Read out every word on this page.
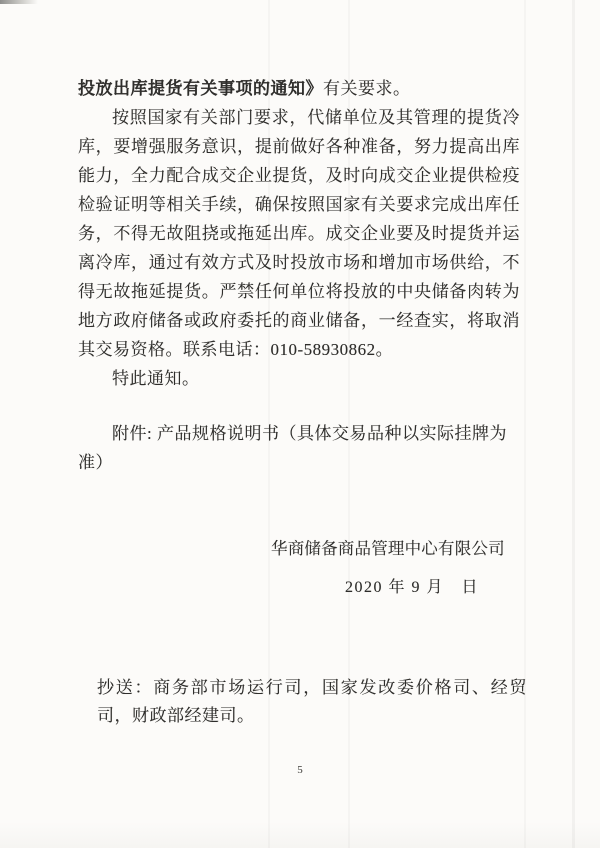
投放出库提货有关事项的通知》有关要求。

按照国家有关部门要求，代储单位及其管理的提货冷库，要增强服务意识，提前做好各种准备，努力提高出库能力，全力配合成交企业提货，及时向成交企业提供检疫检验证明等相关手续，确保按照国家有关要求完成出库任务，不得无故阻挠或拖延出库。成交企业要及时提货并运离冷库，通过有效方式及时投放市场和增加市场供给，不得无故拖延提货。严禁任何单位将投放的中央储备肉转为地方政府储备或政府委托的商业储备，一经查实，将取消其交易资格。联系电话：010-58930862。

特此通知。

附件: 产品规格说明书（具体交易品种以实际挂牌为准）

华商储备商品管理中心有限公司

2020 年 9 月　日

抄送：商务部市场运行司，国家发改委价格司、经贸司，财政部经建司。

5
